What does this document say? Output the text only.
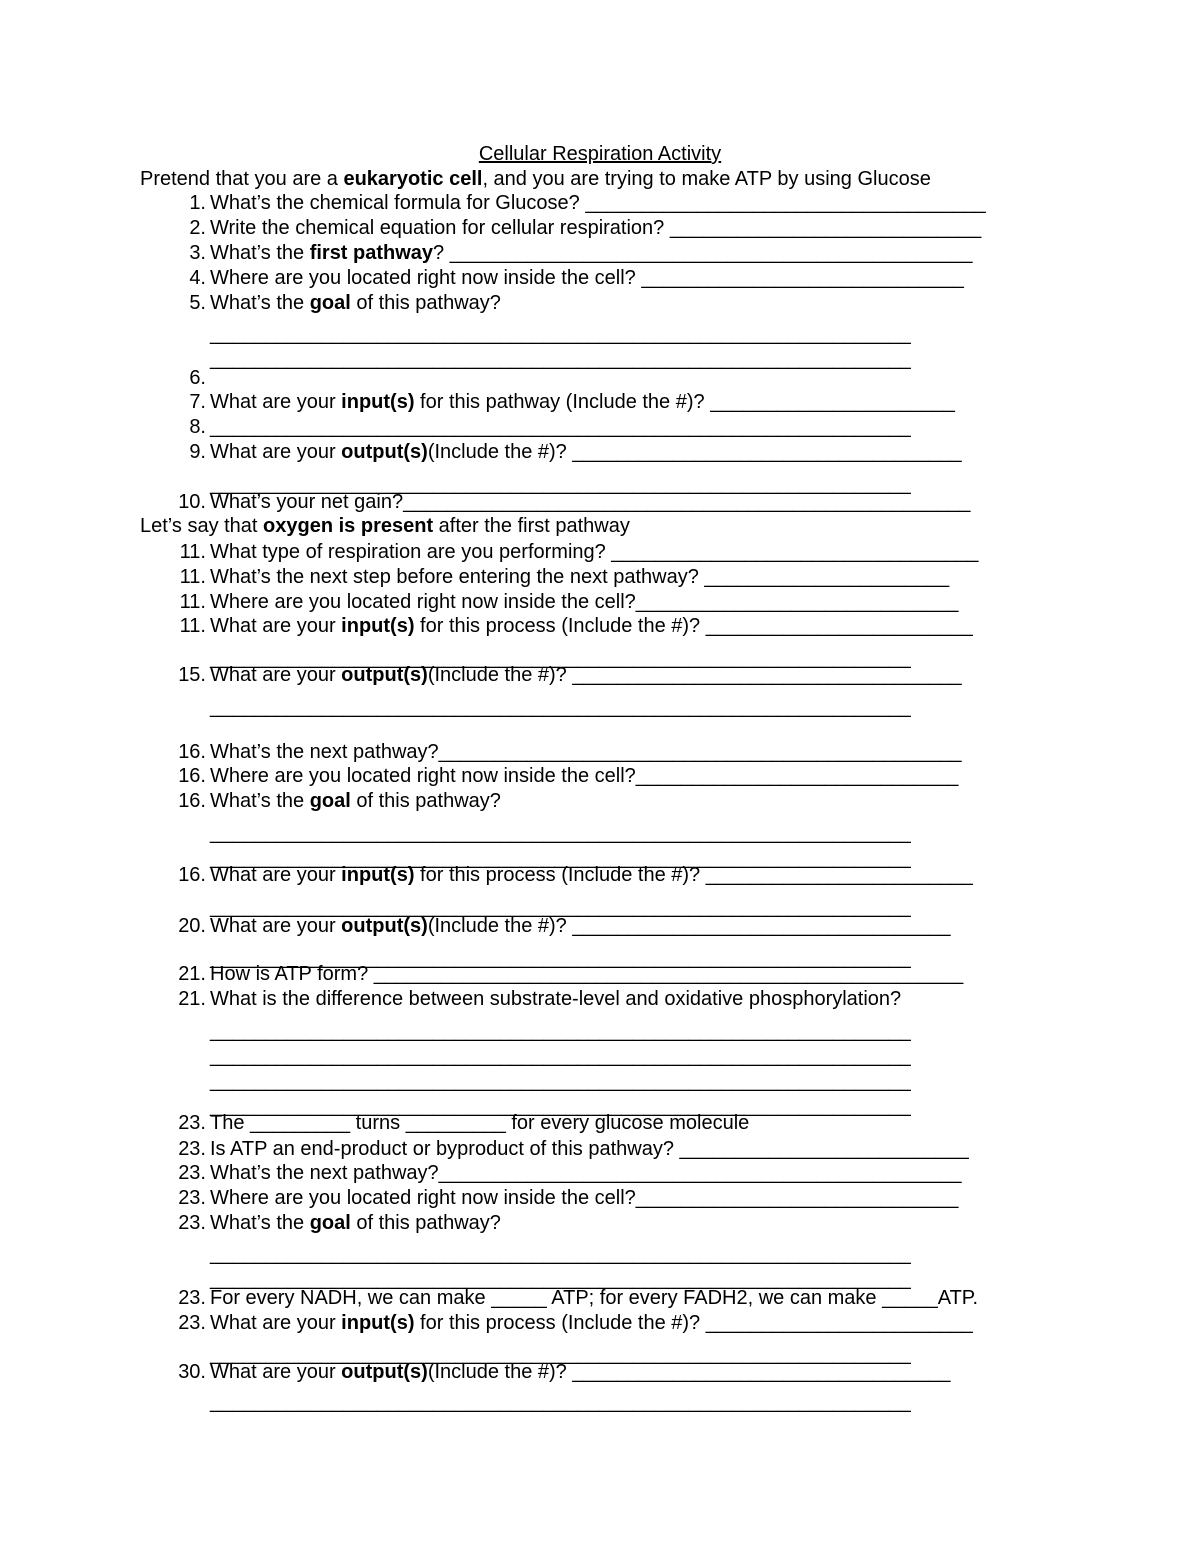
Cellular Respiration Activity
Pretend that you are a eukaryotic cell, and you are trying to make ATP by using Glucose
Let’s say that oxygen is present after the first pathway
1. What’s the chemical formula for Glucose? ____________________________________
2. Write the chemical equation for cellular respiration? ____________________________
3. What’s the first pathway? _______________________________________________
4. Where are you located right now inside the cell? _____________________________
5. What’s the goal of this pathway?
_______________________________________________________________
_______________________________________________________________
6.
7. What are your input(s) for this pathway (Include the #)? ______________________
8. _______________________________________________________________
9. What are your output(s)(Include the #)? ___________________________________
_______________________________________________________________
10. What’s your net gain?___________________________________________________
11. What type of respiration are you performing? _________________________________
11. What’s the next step before entering the next pathway? ______________________
11. Where are you located right now inside the cell?_____________________________
11. What are your input(s) for this process (Include the #)? ________________________
_______________________________________________________________
15. What are your output(s)(Include the #)? ___________________________________
_______________________________________________________________
16. What’s the next pathway?_______________________________________________
16. Where are you located right now inside the cell?_____________________________
16. What’s the goal of this pathway?
_______________________________________________________________
_______________________________________________________________
16. What are your input(s) for this process (Include the #)? ________________________
_______________________________________________________________
20. What are your output(s)(Include the #)? __________________________________
_______________________________________________________________
21. How is ATP form? _____________________________________________________
21. What is the difference between substrate-level and oxidative phosphorylation?
_______________________________________________________________
_______________________________________________________________
_______________________________________________________________
_______________________________________________________________
23. The _________ turns _________ for every glucose molecule
23. Is ATP an end-product or byproduct of this pathway? __________________________
23. What’s the next pathway?_______________________________________________
23. Where are you located right now inside the cell?_____________________________
23. What’s the goal of this pathway?
_______________________________________________________________
_______________________________________________________________
23. For every NADH, we can make _____ ATP; for every FADH2, we can make _____ATP.
23. What are your input(s) for this process (Include the #)? ________________________
_______________________________________________________________
30. What are your output(s)(Include the #)? __________________________________
_______________________________________________________________
